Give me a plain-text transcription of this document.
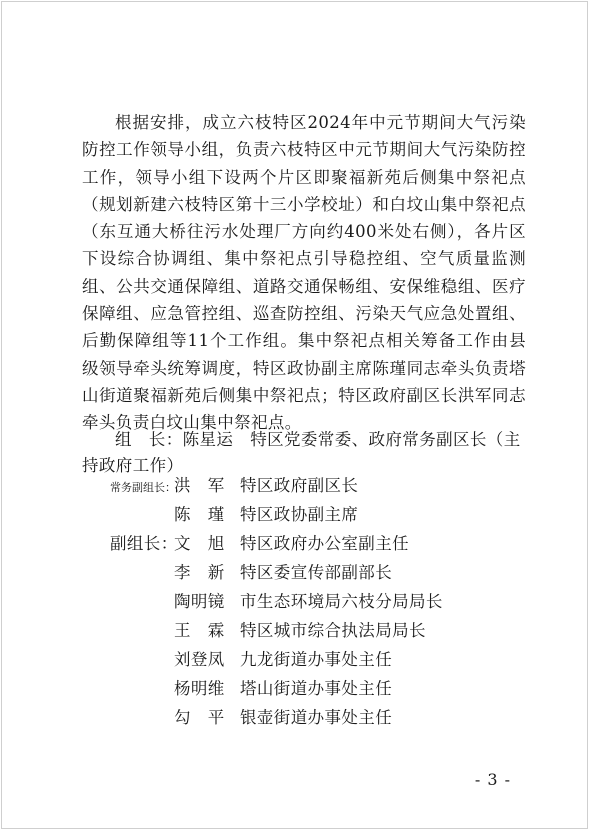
根据安排，成立六枝特区2024年中元节期间大气污染防控工作领导小组，负责六枝特区中元节期间大气污染防控工作，领导小组下设两个片区即聚福新苑后侧集中祭祀点（规划新建六枝特区第十三小学校址）和白坟山集中祭祀点（东互通大桥往污水处理厂方向约400米处右侧），各片区下设综合协调组、集中祭祀点引导稳控组、空气质量监测组、公共交通保障组、道路交通保畅组、安保维稳组、医疗保障组、应急管控组、巡查防控组、污染天气应急处置组、后勤保障组等11个工作组。集中祭祀点相关筹备工作由县级领导牵头统筹调度，特区政协副主席陈瑾同志牵头负责塔山街道聚福新苑后侧集中祭祀点；特区政府副区长洪军同志牵头负责白坟山集中祭祀点。

组　长：陈星运　特区党委常委、政府常务副区长（主持政府工作）

常务副组长：
洪　军 特区政府副区长
陈　瑾 特区政协副主席
副组长：
文　旭 特区政府办公室副主任
李　新 特区委宣传部副部长
陶明镜 市生态环境局六枝分局局长
王　霖 特区城市综合执法局局长
刘登凤 九龙街道办事处主任
杨明维 塔山街道办事处主任
勾　平 银壶街道办事处主任
- 3 -
